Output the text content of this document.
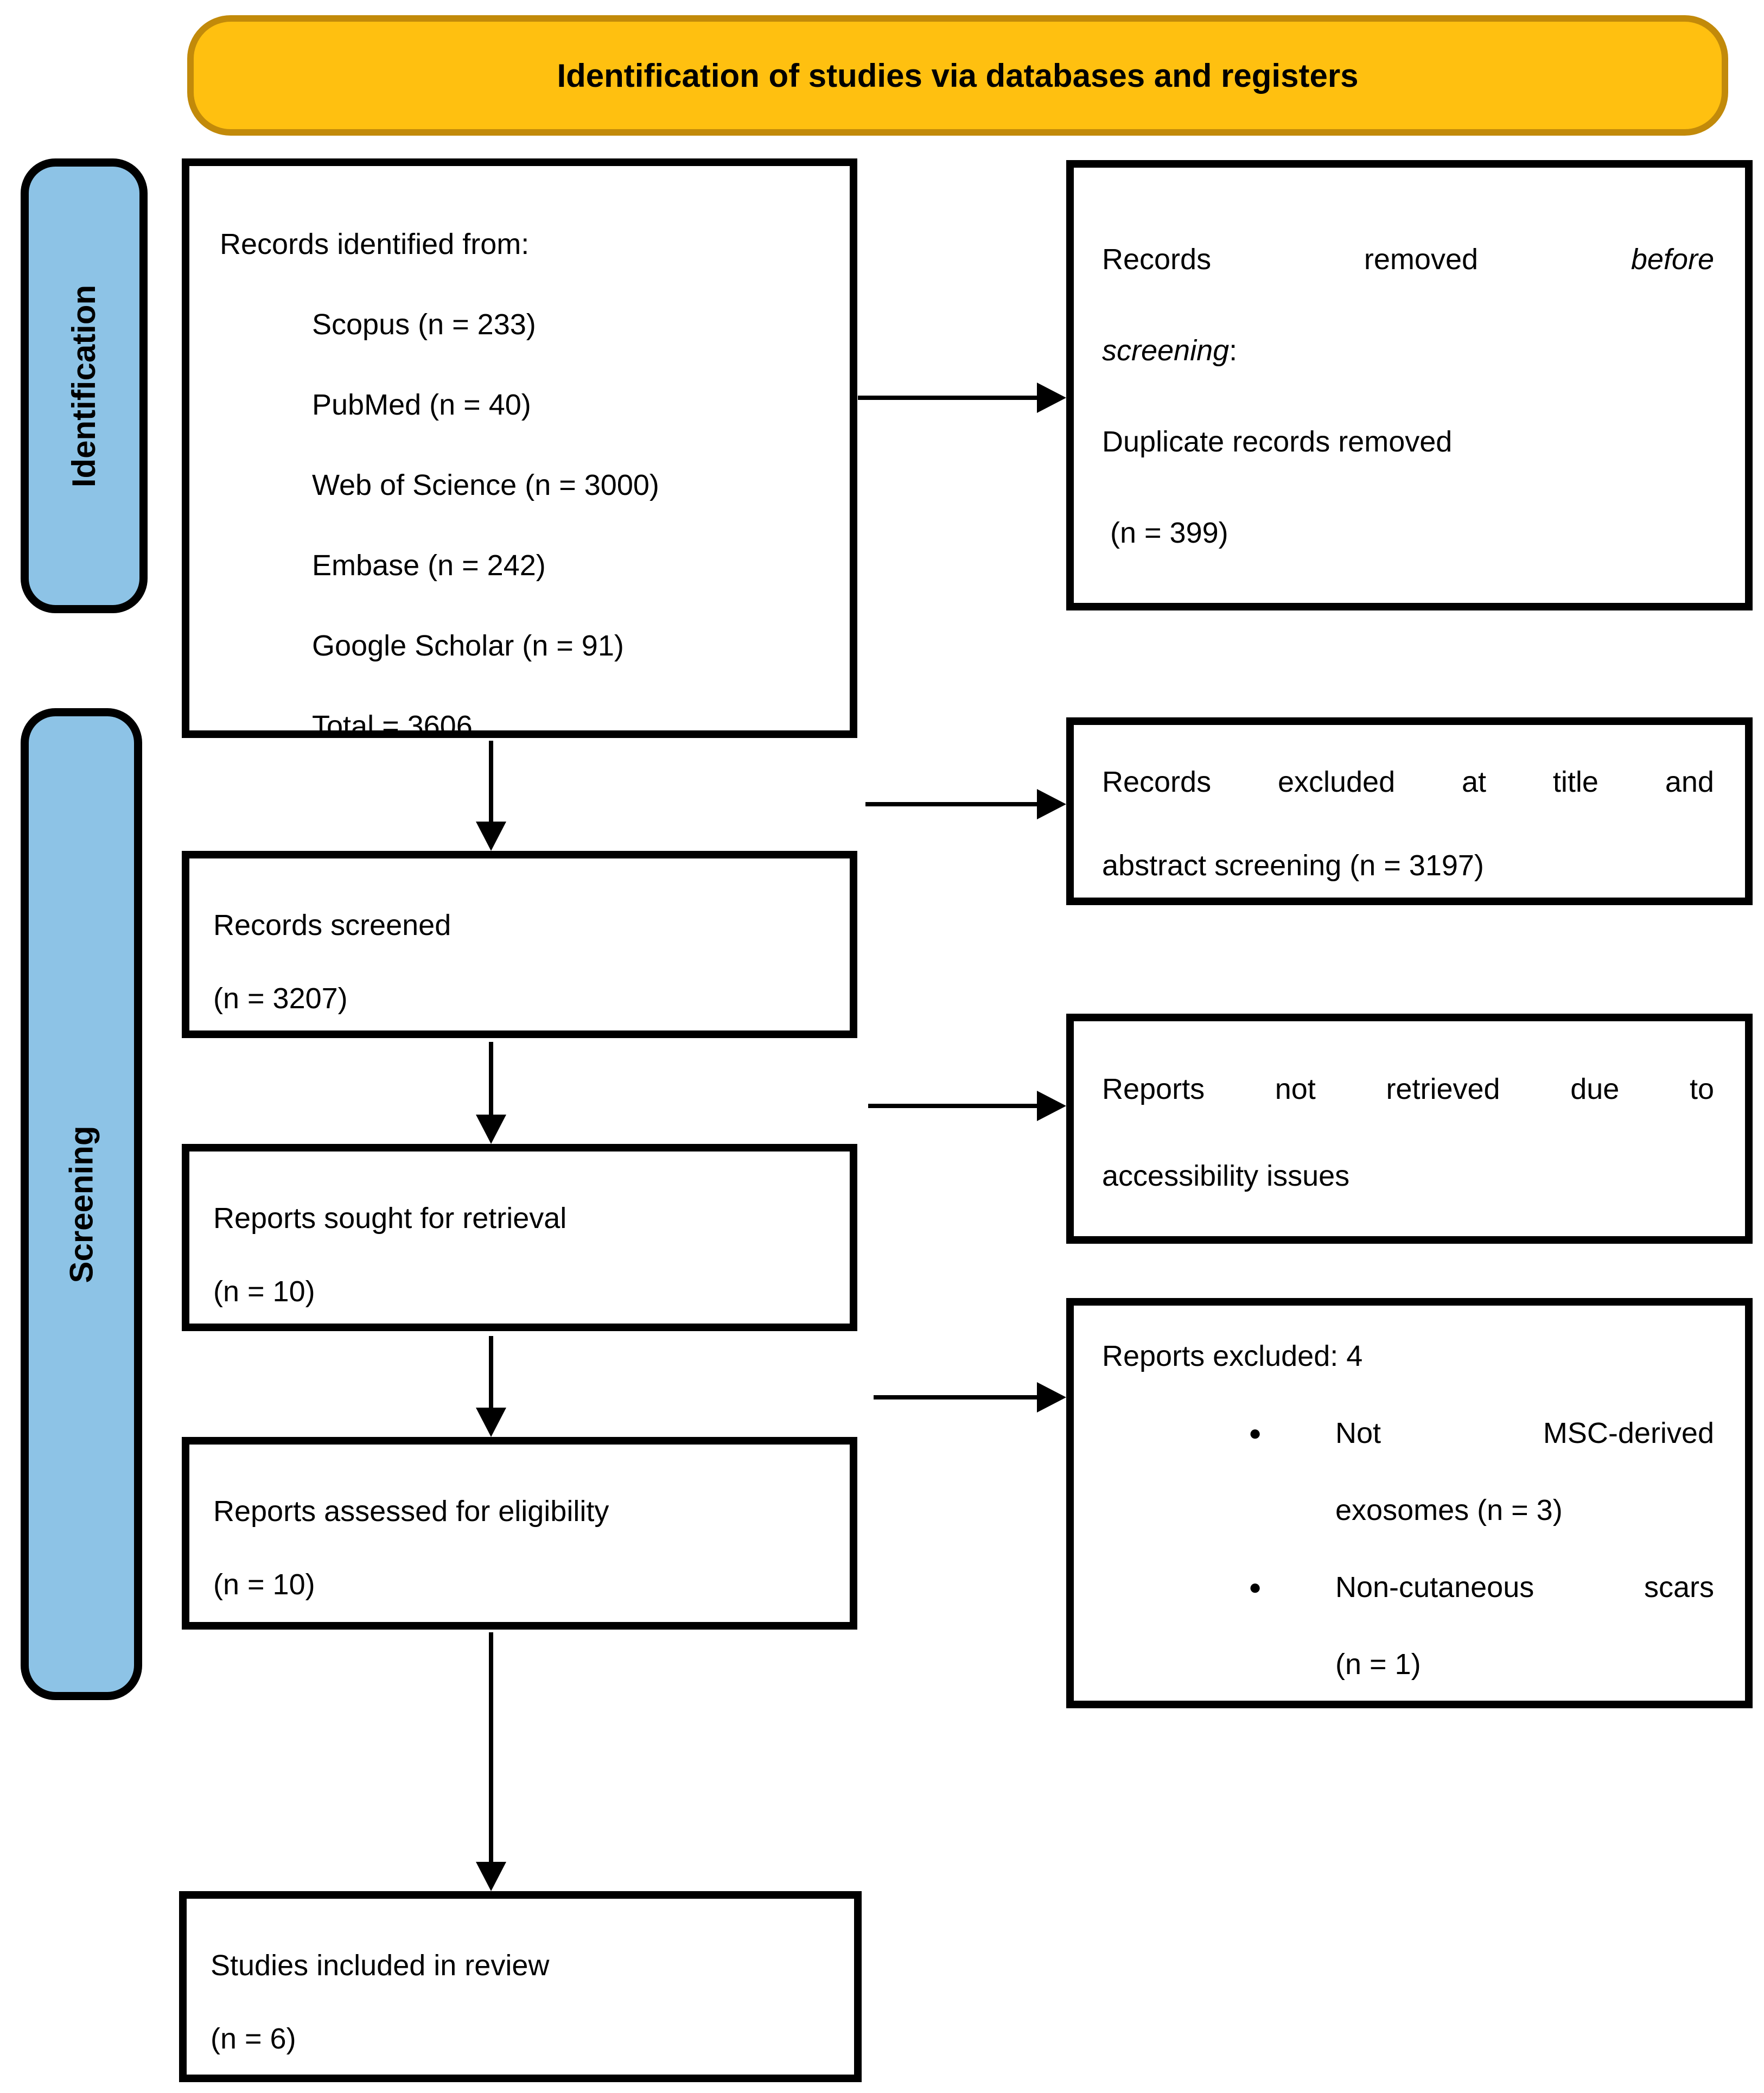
Identification of studies via databases and registers
Identification
Screening
Records identified from:
Scopus (n = 233)
PubMed (n = 40)
Web of Science (n = 3000)
Embase (n = 242)
Google Scholar (n = 91)
Total = 3606
Records screened
(n = 3207)
Reports sought for retrieval
(n = 10)
Reports assessed for eligibility
(n = 10)
Studies included in review
(n = 6)
Records	removed	before
screening :
Duplicate records removed
(n = 399)
Records excluded at title and
abstract screening (n = 3197)
Reports not retrieved due to
accessibility issues
Reports excluded: 4
●	Not	MSC-derived
exosomes (n = 3)
●	Non-cutaneous	scars
(n = 1)
